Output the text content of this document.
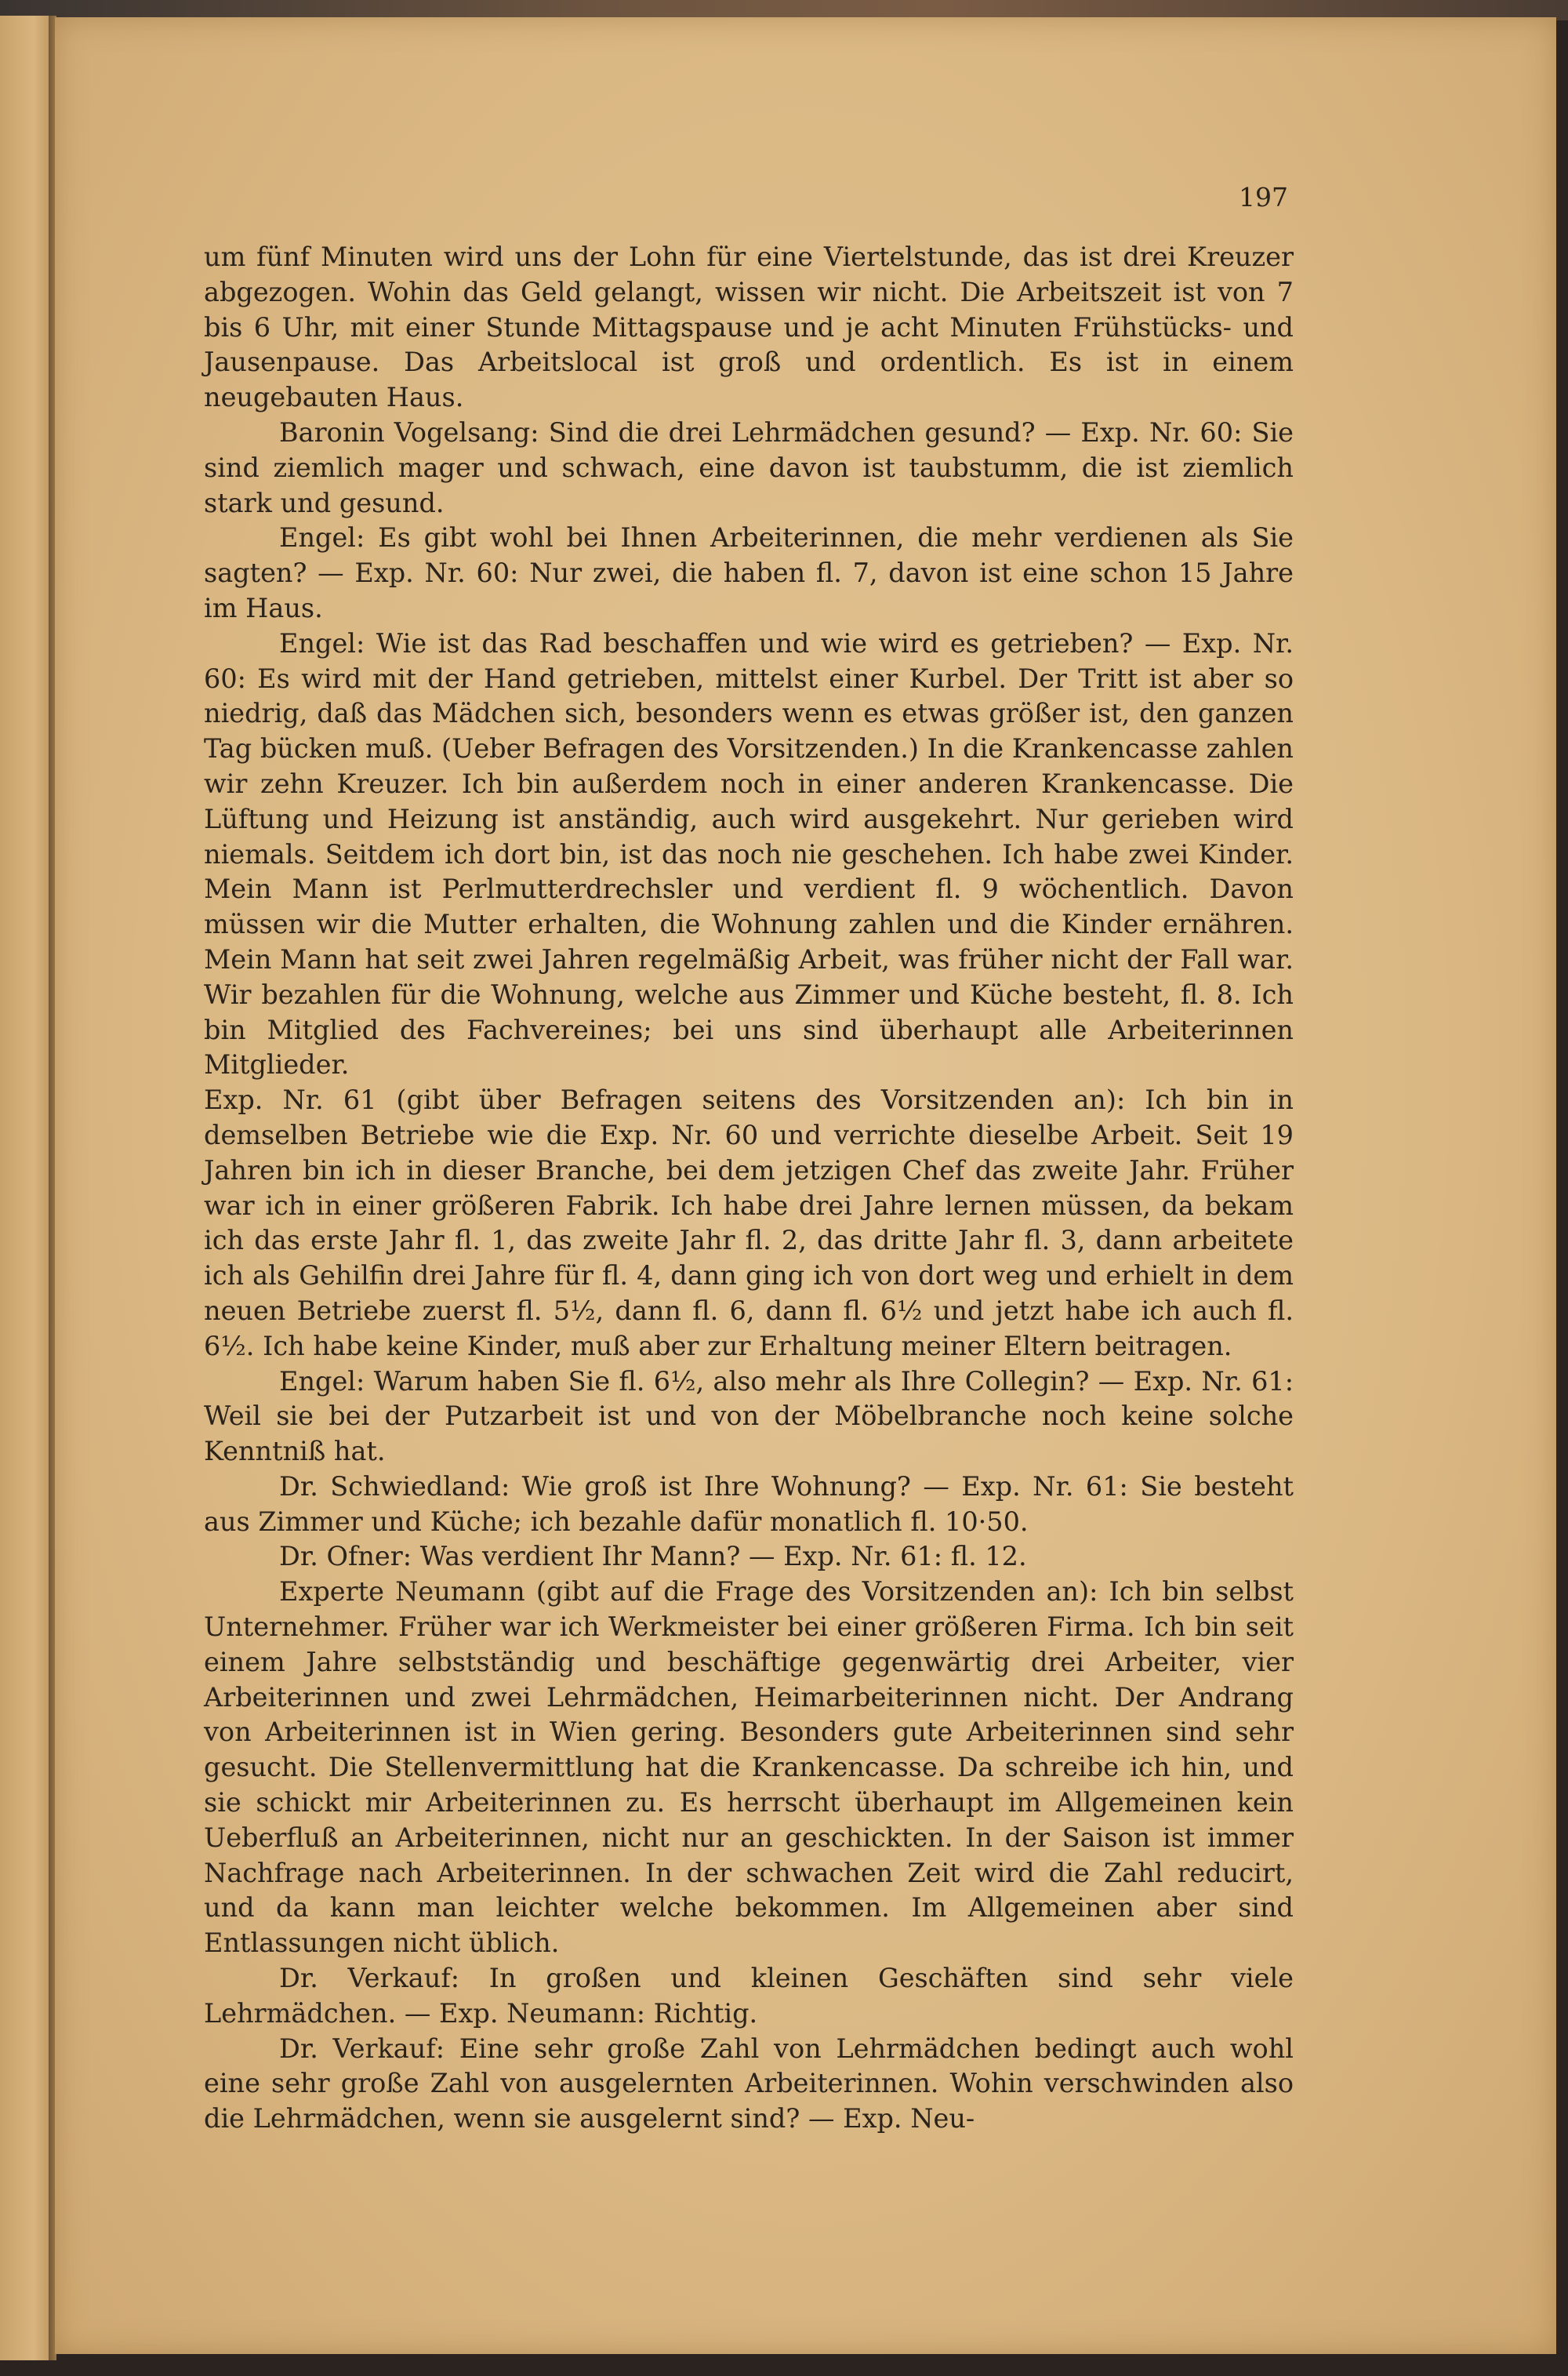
197

um fünf Minuten wird uns der Lohn für eine Viertelstunde, das ist drei Kreuzer abgezogen. Wohin das Geld gelangt, wissen wir nicht. Die Arbeitszeit ist von 7 bis 6 Uhr, mit einer Stunde Mittagspause und je acht Minuten Frühstücks- und Jausenpause. Das Arbeitslocal ist groß und ordentlich. Es ist in einem neugebauten Haus.

Baronin Vogelsang: Sind die drei Lehrmädchen gesund? — Exp. Nr. 60: Sie sind ziemlich mager und schwach, eine davon ist taubstumm, die ist ziemlich stark und gesund.

Engel: Es gibt wohl bei Ihnen Arbeiterinnen, die mehr verdienen als Sie sagten? — Exp. Nr. 60: Nur zwei, die haben fl. 7, davon ist eine schon 15 Jahre im Haus.

Engel: Wie ist das Rad beschaffen und wie wird es getrieben? — Exp. Nr. 60: Es wird mit der Hand getrieben, mittelst einer Kurbel. Der Tritt ist aber so niedrig, daß das Mädchen sich, besonders wenn es etwas größer ist, den ganzen Tag bücken muß. (Ueber Befragen des Vorsitzenden.) In die Krankencasse zahlen wir zehn Kreuzer. Ich bin außerdem noch in einer anderen Krankencasse. Die Lüftung und Heizung ist anständig, auch wird ausgekehrt. Nur gerieben wird niemals. Seitdem ich dort bin, ist das noch nie geschehen. Ich habe zwei Kinder. Mein Mann ist Perlmutterdrechsler und verdient fl. 9 wöchentlich. Davon müssen wir die Mutter erhalten, die Wohnung zahlen und die Kinder ernähren. Mein Mann hat seit zwei Jahren regelmäßig Arbeit, was früher nicht der Fall war. Wir bezahlen für die Wohnung, welche aus Zimmer und Küche besteht, fl. 8. Ich bin Mitglied des Fachvereines; bei uns sind überhaupt alle Arbeiterinnen Mitglieder.

Exp. Nr. 61 (gibt über Befragen seitens des Vorsitzenden an): Ich bin in demselben Betriebe wie die Exp. Nr. 60 und verrichte dieselbe Arbeit. Seit 19 Jahren bin ich in dieser Branche, bei dem jetzigen Chef das zweite Jahr. Früher war ich in einer größeren Fabrik. Ich habe drei Jahre lernen müssen, da bekam ich das erste Jahr fl. 1, das zweite Jahr fl. 2, das dritte Jahr fl. 3, dann arbeitete ich als Gehilfin drei Jahre für fl. 4, dann ging ich von dort weg und erhielt in dem neuen Betriebe zuerst fl. 5½, dann fl. 6, dann fl. 6½ und jetzt habe ich auch fl. 6½. Ich habe keine Kinder, muß aber zur Erhaltung meiner Eltern beitragen.

Engel: Warum haben Sie fl. 6½, also mehr als Ihre Collegin? — Exp. Nr. 61: Weil sie bei der Putzarbeit ist und von der Möbelbranche noch keine solche Kenntniß hat.

Dr. Schwiedland: Wie groß ist Ihre Wohnung? — Exp. Nr. 61: Sie besteht aus Zimmer und Küche; ich bezahle dafür monatlich fl. 10·50.

Dr. Ofner: Was verdient Ihr Mann? — Exp. Nr. 61: fl. 12.

Experte Neumann (gibt auf die Frage des Vorsitzenden an): Ich bin selbst Unternehmer. Früher war ich Werkmeister bei einer größeren Firma. Ich bin seit einem Jahre selbstständig und beschäftige gegenwärtig drei Arbeiter, vier Arbeiterinnen und zwei Lehrmädchen, Heimarbeiterinnen nicht. Der Andrang von Arbeiterinnen ist in Wien gering. Besonders gute Arbeiterinnen sind sehr gesucht. Die Stellenvermittlung hat die Krankencasse. Da schreibe ich hin, und sie schickt mir Arbeiterinnen zu. Es herrscht überhaupt im Allgemeinen kein Ueberfluß an Arbeiterinnen, nicht nur an geschickten. In der Saison ist immer Nachfrage nach Arbeiterinnen. In der schwachen Zeit wird die Zahl reducirt, und da kann man leichter welche bekommen. Im Allgemeinen aber sind Entlassungen nicht üblich.

Dr. Verkauf: In großen und kleinen Geschäften sind sehr viele Lehrmädchen. — Exp. Neumann: Richtig.

Dr. Verkauf: Eine sehr große Zahl von Lehrmädchen bedingt auch wohl eine sehr große Zahl von ausgelernten Arbeiterinnen. Wohin verschwinden also die Lehrmädchen, wenn sie ausgelernt sind? — Exp. Neu-
